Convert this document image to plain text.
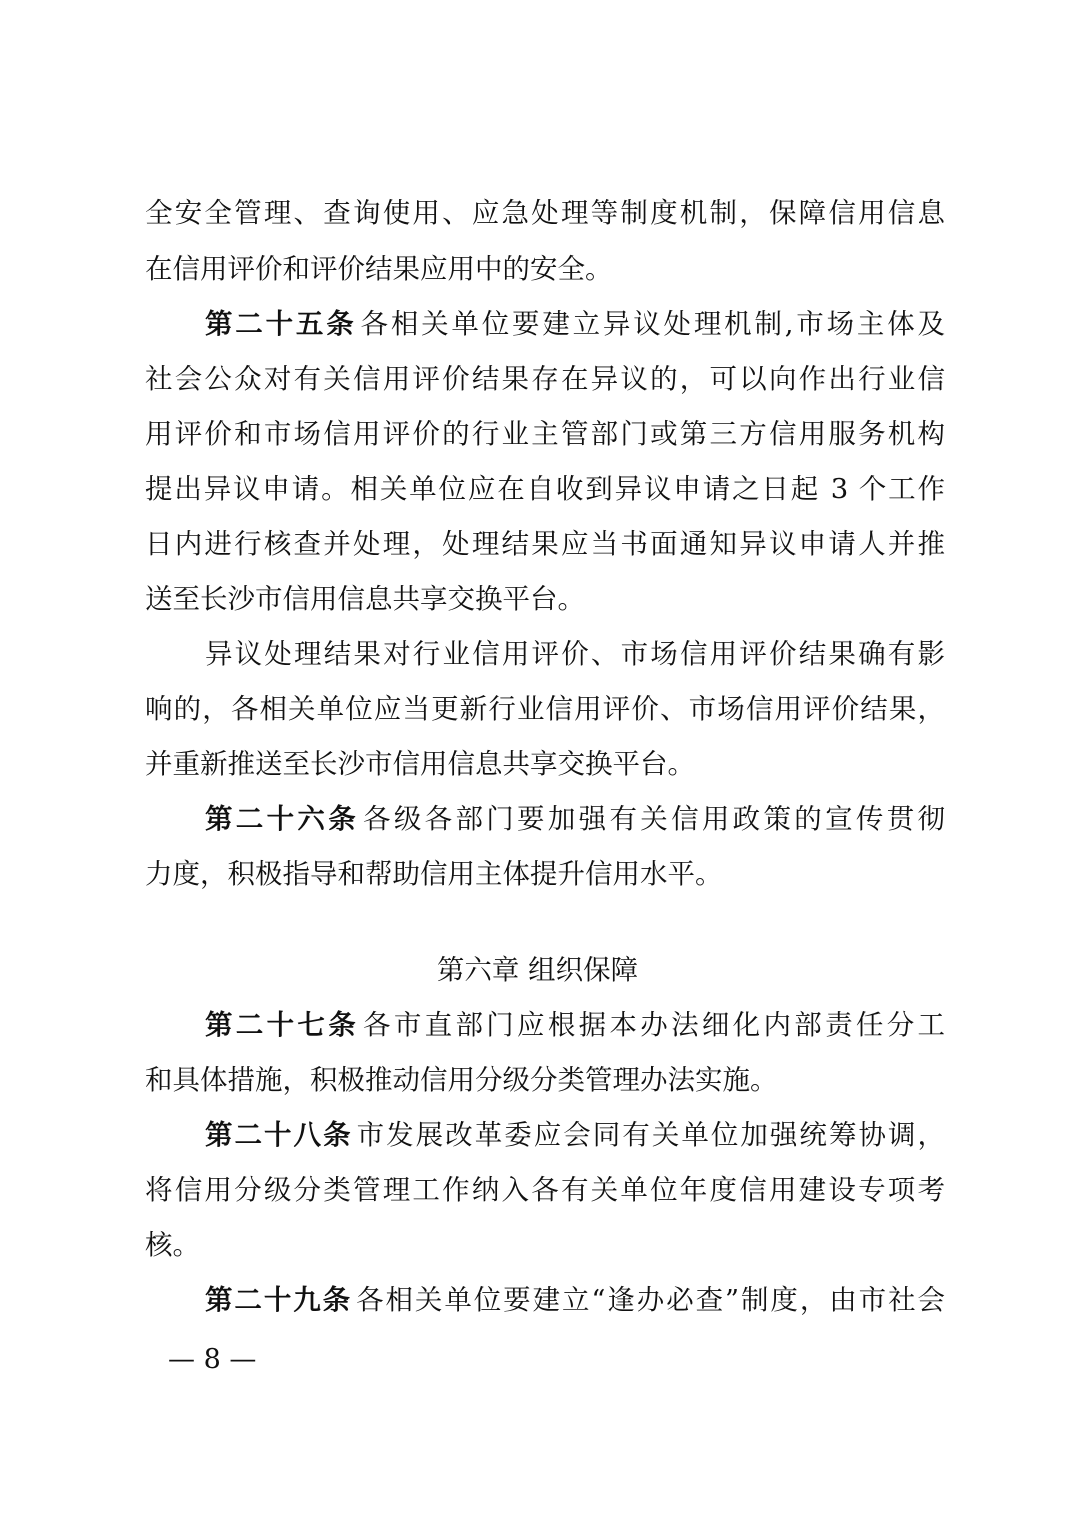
全安全管理、查询使用、应急处理等制度机制，保障信用信息
在信用评价和评价结果应用中的安全。
第二十五条 各相关单位要建立异议处理机制,市场主体及
社会公众对有关信用评价结果存在异议的，可以向作出行业信
用评价和市场信用评价的行业主管部门或第三方信用服务机构
提出异议申请。相关单位应在自收到异议申请之日起 3 个工作
日内进行核查并处理，处理结果应当书面通知异议申请人并推
送至长沙市信用信息共享交换平台。
异议处理结果对行业信用评价、市场信用评价结果确有影
响的，各相关单位应当更新行业信用评价、市场信用评价结果，
并重新推送至长沙市信用信息共享交换平台。
第二十六条 各级各部门要加强有关信用政策的宣传贯彻
力度，积极指导和帮助信用主体提升信用水平。
第六章 组织保障
第二十七条 各市直部门应根据本办法细化内部责任分工
和具体措施，积极推动信用分级分类管理办法实施。
第二十八条 市发展改革委应会同有关单位加强统筹协调，
将信用分级分类管理工作纳入各有关单位年度信用建设专项考
核。
第二十九条 各相关单位要建立“逢办必查”制度，由市社会
— 8 —
